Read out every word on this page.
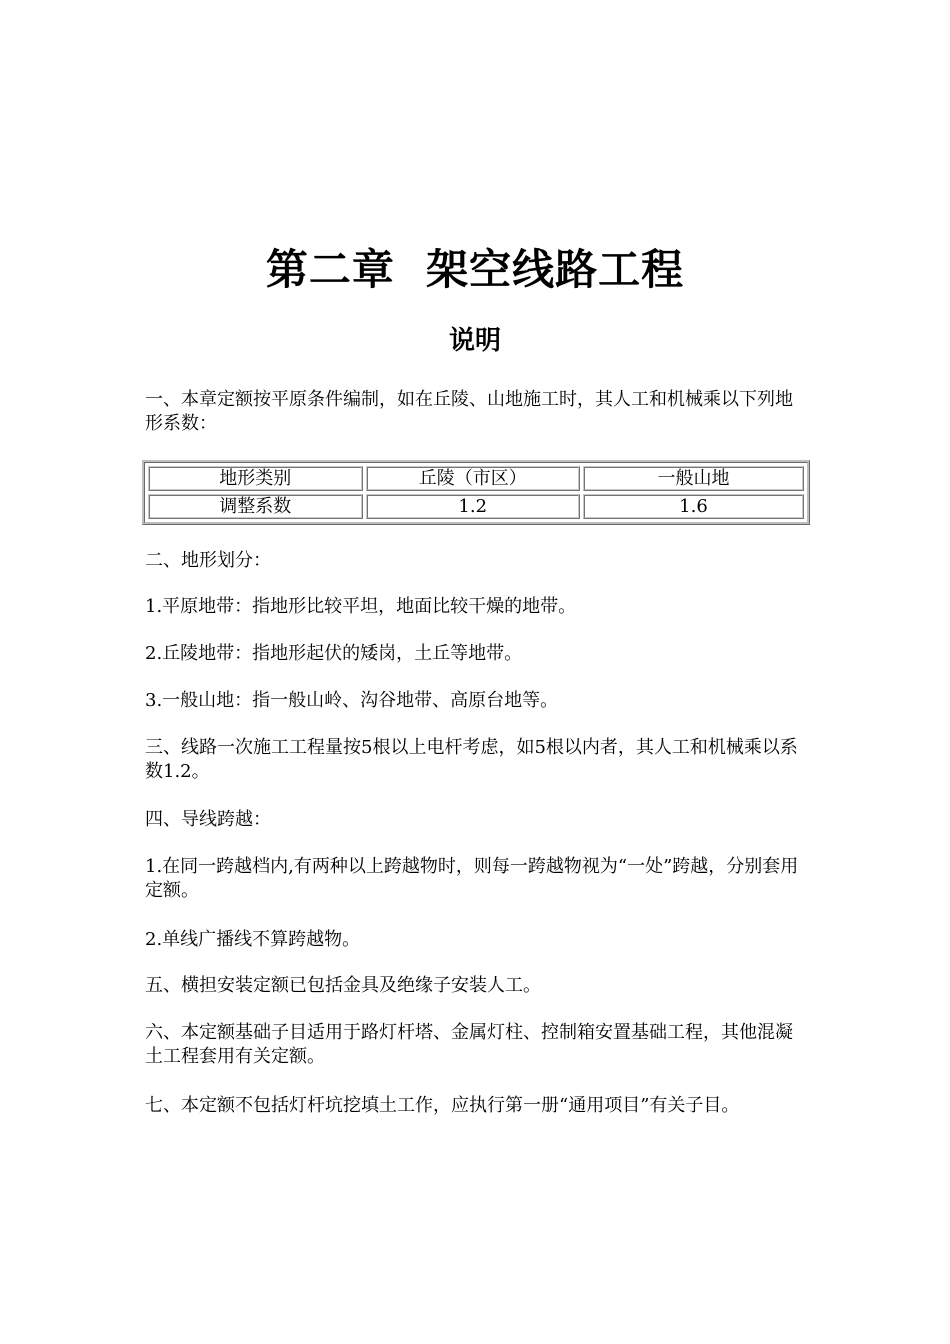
第二章  架空线路工程
说明

一、本章定额按平原条件编制，如在丘陵、山地施工时，其人工和机械乘以下列地形系数：

地形类别	丘陵（市区）	一般山地
调整系数	1.2	1.6

二、地形划分：

1.平原地带：指地形比较平坦，地面比较干燥的地带。

2.丘陵地带：指地形起伏的矮岗，土丘等地带。

3.一般山地：指一般山岭、沟谷地带、高原台地等。

三、线路一次施工工程量按5根以上电杆考虑，如5根以内者，其人工和机械乘以系数1.2。

四、导线跨越：

1.在同一跨越档内,有两种以上跨越物时，则每一跨越物视为“一处”跨越，分别套用定额。

2.单线广播线不算跨越物。

五、横担安装定额已包括金具及绝缘子安装人工。

六、本定额基础子目适用于路灯杆塔、金属灯柱、控制箱安置基础工程，其他混凝土工程套用有关定额。

七、本定额不包括灯杆坑挖填土工作，应执行第一册“通用项目”有关子目。
